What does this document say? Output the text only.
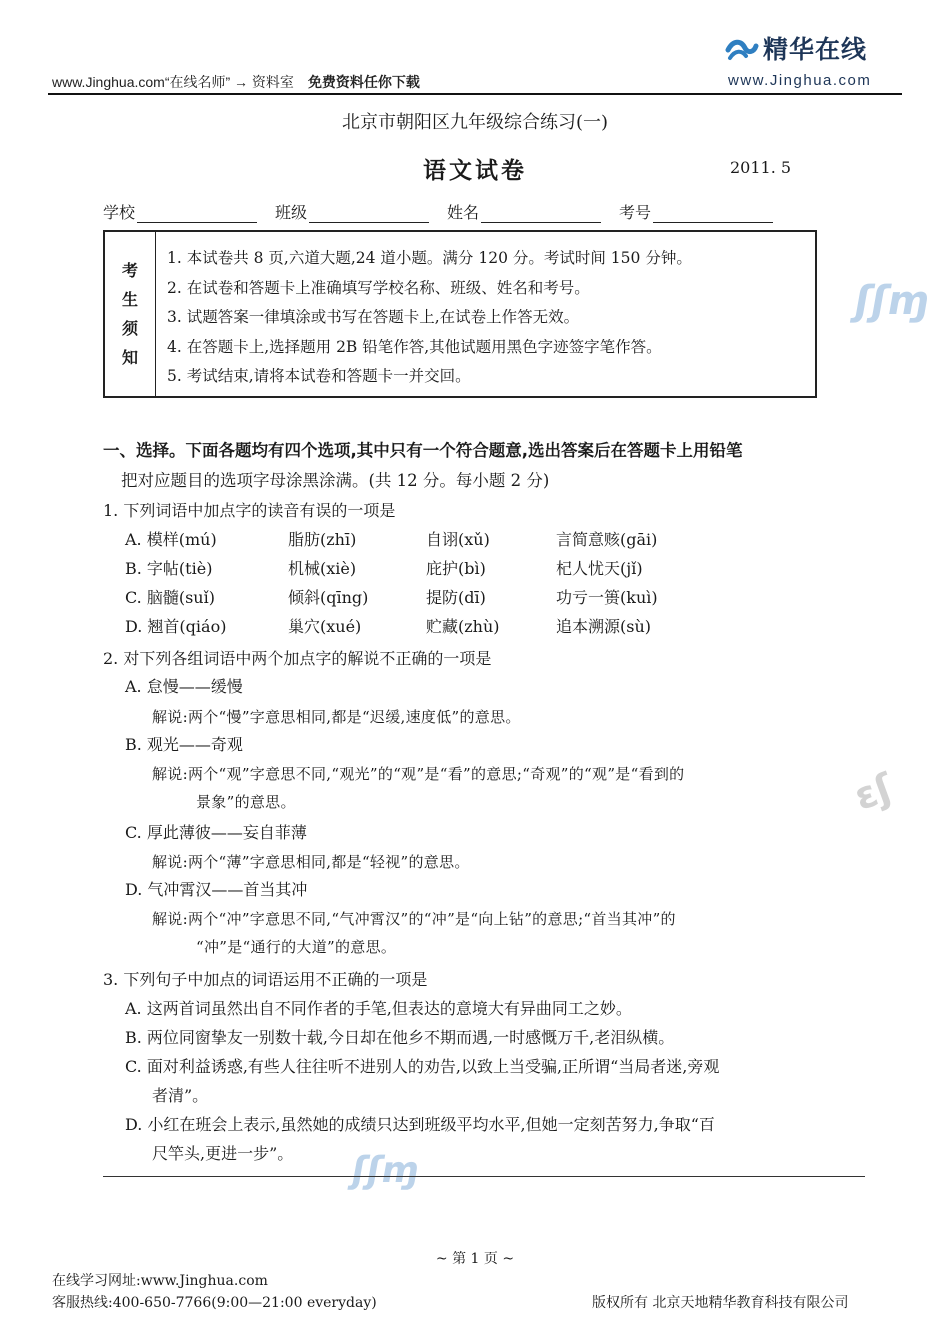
www.Jinghua.com“在线名师” → 资料室 免费资料任你下载
精华在线
www.Jinghua.com
ʃʃɱ
ɛʃ
ʃʃɱ
北京市朝阳区九年级综合练习(一)
语文试卷	2011. 5
学校	班级	姓名	考号
考
生
须
知
1. 本试卷共 8 页,六道大题,24 道小题。满分 120 分。考试时间 150 分钟。
2. 在试卷和答题卡上准确填写学校名称、班级、姓名和考号。
3. 试题答案一律填涂或书写在答题卡上,在试卷上作答无效。
4. 在答题卡上,选择题用 2B 铅笔作答,其他试题用黑色字迹签字笔作答。
5. 考试结束,请将本试卷和答题卡一并交回。
一、选择。下面各题均有四个选项,其中只有一个符合题意,选出答案后在答题卡上用铅笔
把对应题目的选项字母涂黑涂满。(共 12 分。每小题 2 分)
1. 下列词语中加点字的读音有误的一项是
A. 模样(mú)	脂肪(zhī)	自诩(xǔ)	言简意赅(gāi)
B. 字帖(tiè)	机械(xiè)	庇护(bì)	杞人忧天(jǐ)
C. 脑髓(suǐ)	倾斜(qīng)	提防(dī)	功亏一篑(kuì)
D. 翘首(qiáo)	巢穴(xué)	贮藏(zhù)	追本溯源(sù)
2. 对下列各组词语中两个加点字的解说不正确的一项是
A. 怠慢——缓慢
解说:两个“慢”字意思相同,都是“迟缓,速度低”的意思。
B. 观光——奇观
解说:两个“观”字意思不同,“观光”的“观”是“看”的意思;“奇观”的“观”是“看到的
景象”的意思。
C. 厚此薄彼——妄自菲薄
解说:两个“薄”字意思相同,都是“轻视”的意思。
D. 气冲霄汉——首当其冲
解说:两个“冲”字意思不同,“气冲霄汉”的“冲”是“向上钻”的意思;“首当其冲”的
“冲”是“通行的大道”的意思。
3. 下列句子中加点的词语运用不正确的一项是
A. 这两首词虽然出自不同作者的手笔,但表达的意境大有异曲同工之妙。
B. 两位同窗挚友一别数十载,今日却在他乡不期而遇,一时感慨万千,老泪纵横。
C. 面对利益诱惑,有些人往往听不进别人的劝告,以致上当受骗,正所谓“当局者迷,旁观
者清”。
D. 小红在班会上表示,虽然她的成绩只达到班级平均水平,但她一定刻苦努力,争取“百
尺竿头,更进一步”。
~ 第 1 页 ~
在线学习网址:www.Jinghua.com
客服热线:400-650-7766(9:00—21:00 everyday)	版权所有 北京天地精华教育科技有限公司
